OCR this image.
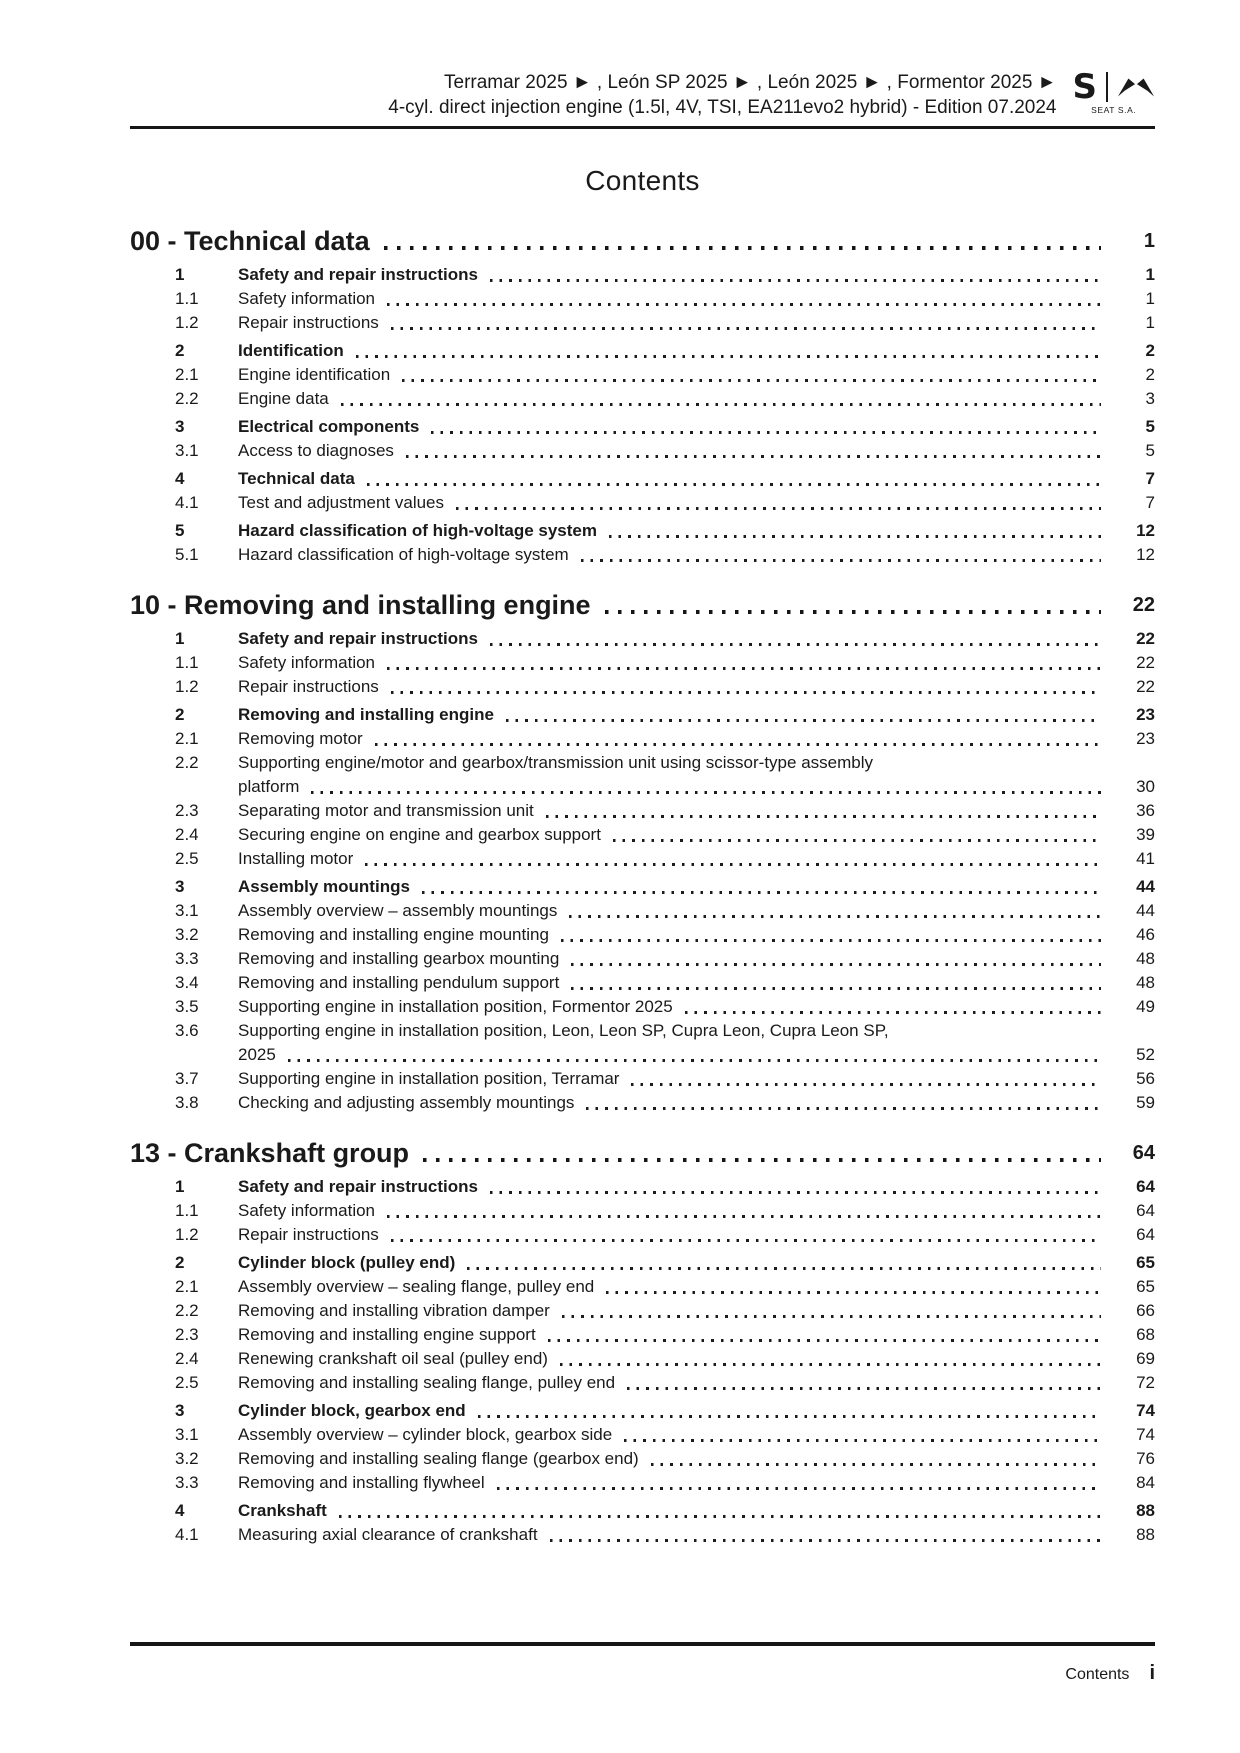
Terramar 2025 ► , León SP 2025 ► , León 2025 ► , Formentor 2025 ►
4-cyl. direct injection engine (1.5l, 4V, TSI, EA211evo2 hybrid) - Edition 07.2024
S
SEAT S.A.
Contents
00 - Technical data	1
1	Safety and repair instructions	1
1.1	Safety information	1
1.2	Repair instructions	1
2	Identification	2
2.1	Engine identification	2
2.2	Engine data	3
3	Electrical components	5
3.1	Access to diagnoses	5
4	Technical data	7
4.1	Test and adjustment values	7
5	Hazard classification of high-voltage system	12
5.1	Hazard classification of high-voltage system	12
10 - Removing and installing engine	22
1	Safety and repair instructions	22
1.1	Safety information	22
1.2	Repair instructions	22
2	Removing and installing engine	23
2.1	Removing motor	23
2.2	Supporting engine/motor and gearbox/transmission unit using scissor-type assembly
platform	30
2.3	Separating motor and transmission unit	36
2.4	Securing engine on engine and gearbox support	39
2.5	Installing motor	41
3	Assembly mountings	44
3.1	Assembly overview – assembly mountings	44
3.2	Removing and installing engine mounting	46
3.3	Removing and installing gearbox mounting	48
3.4	Removing and installing pendulum support	48
3.5	Supporting engine in installation position, Formentor 2025	49
3.6	Supporting engine in installation position, Leon, Leon SP, Cupra Leon, Cupra Leon SP,
2025	52
3.7	Supporting engine in installation position, Terramar	56
3.8	Checking and adjusting assembly mountings	59
13 - Crankshaft group	64
1	Safety and repair instructions	64
1.1	Safety information	64
1.2	Repair instructions	64
2	Cylinder block (pulley end)	65
2.1	Assembly overview – sealing flange, pulley end	65
2.2	Removing and installing vibration damper	66
2.3	Removing and installing engine support	68
2.4	Renewing crankshaft oil seal (pulley end)	69
2.5	Removing and installing sealing flange, pulley end	72
3	Cylinder block, gearbox end	74
3.1	Assembly overview – cylinder block, gearbox side	74
3.2	Removing and installing sealing flange (gearbox end)	76
3.3	Removing and installing flywheel	84
4	Crankshaft	88
4.1	Measuring axial clearance of crankshaft	88
Contents i
